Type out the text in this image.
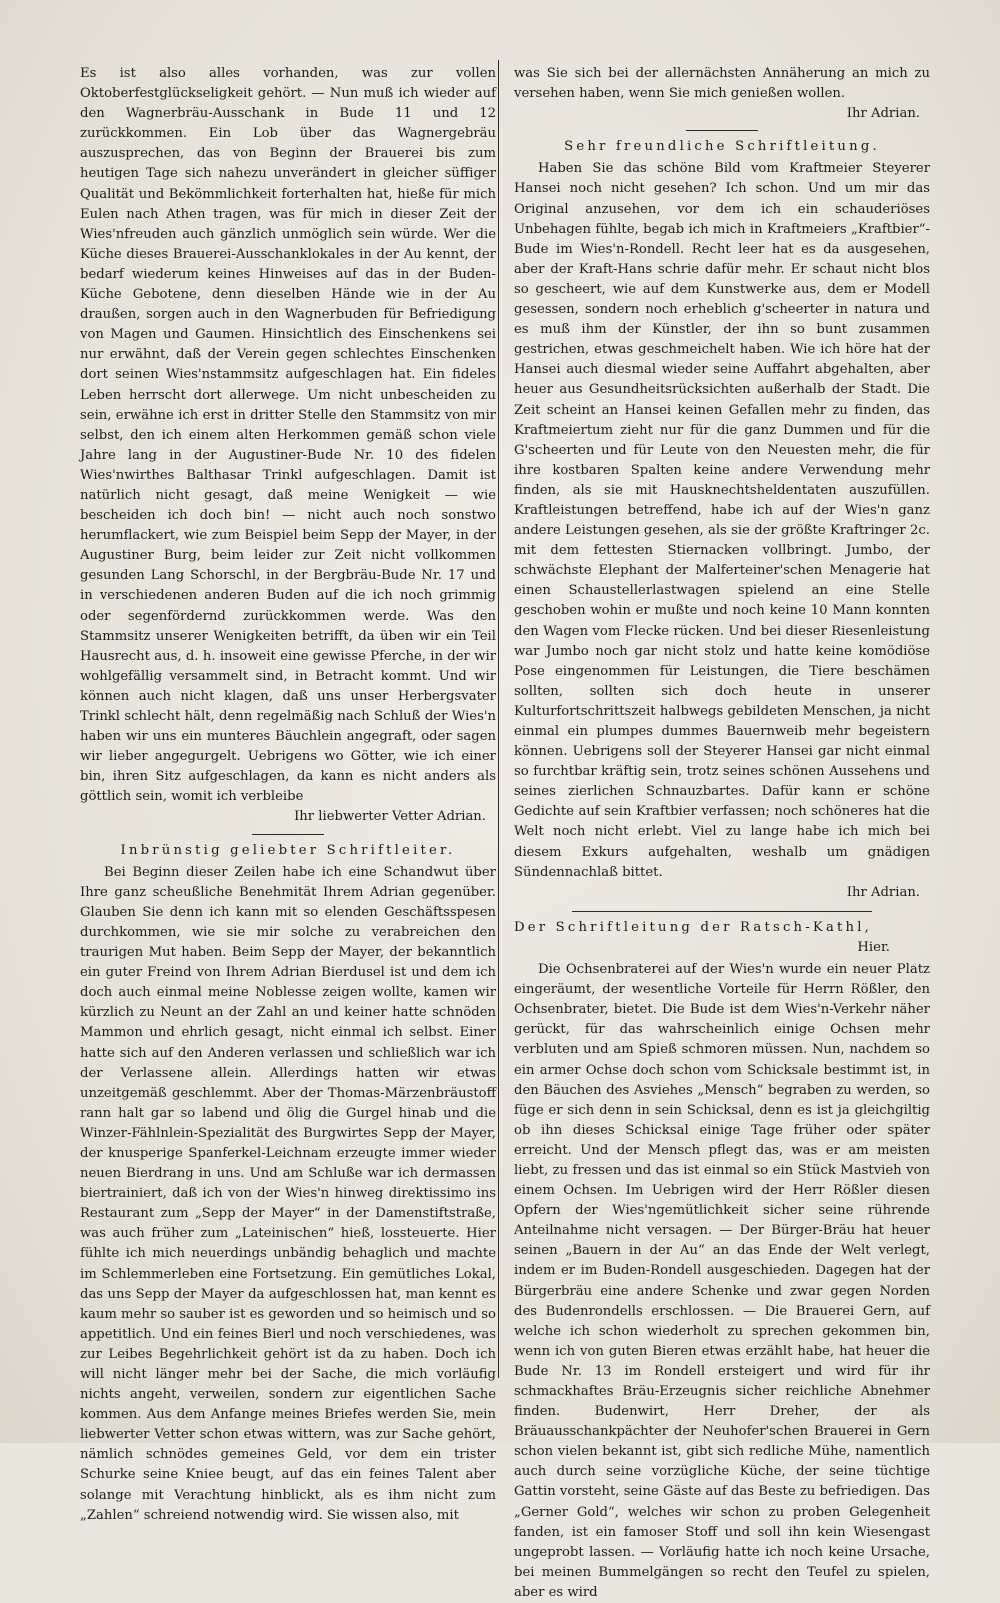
Es ist also alles vorhanden, was zur vollen Oktoberfestglückseligkeit gehört. — Nun muß ich wieder auf den Wagnerbräu-Ausschank in Bude 11 und 12 zurückkommen. Ein Lob über das Wagnergebräu auszusprechen, das von Beginn der Brauerei bis zum heutigen Tage sich nahezu unverändert in gleicher süffiger Qualität und Bekömmlichkeit forterhalten hat, hieße für mich Eulen nach Athen tragen, was für mich in dieser Zeit der Wies'nfreuden auch gänzlich unmöglich sein würde. Wer die Küche dieses Brauerei-Ausschanklokales in der Au kennt, der bedarf wiederum keines Hinweises auf das in der Buden-Küche Gebotene, denn dieselben Hände wie in der Au draußen, sorgen auch in den Wagnerbuden für Befriedigung von Magen und Gaumen. Hinsichtlich des Einschenkens sei nur erwähnt, daß der Verein gegen schlechtes Einschenken dort seinen Wies'nstammsitz aufgeschlagen hat. Ein fideles Leben herrscht dort allerwege. Um nicht unbescheiden zu sein, erwähne ich erst in dritter Stelle den Stammsitz von mir selbst, den ich einem alten Herkommen gemäß schon viele Jahre lang in der Augustiner-Bude Nr. 10 des fidelen Wies'nwirthes Balthasar Trinkl aufgeschlagen. Damit ist natürlich nicht gesagt, daß meine Wenigkeit — wie bescheiden ich doch bin! — nicht auch noch sonstwo herumflackert, wie zum Beispiel beim Sepp der Mayer, in der Augustiner Burg, beim leider zur Zeit nicht vollkommen gesunden Lang Schorschl, in der Bergbräu-Bude Nr. 17 und in verschiedenen anderen Buden auf die ich noch grimmig oder segenfördernd zurückkommen werde. Was den Stammsitz unserer Wenigkeiten betrifft, da üben wir ein Teil Hausrecht aus, d. h. insoweit eine gewisse Pferche, in der wir wohlgefällig versammelt sind, in Betracht kommt. Und wir können auch nicht klagen, daß uns unser Herbergsvater Trinkl schlecht hält, denn regelmäßig nach Schluß der Wies'n haben wir uns ein munteres Bäuchlein angegraft, oder sagen wir lieber angegurgelt. Uebrigens wo Götter, wie ich einer bin, ihren Sitz aufgeschlagen, da kann es nicht anders als göttlich sein, womit ich verbleibe

Ihr liebwerter Vetter Adrian.

Inbrünstig geliebter Schriftleiter.

Bei Beginn dieser Zeilen habe ich eine Schandwut über Ihre ganz scheußliche Benehmität Ihrem Adrian gegenüber. Glauben Sie denn ich kann mit so elenden Geschäftsspesen durchkommen, wie sie mir solche zu verabreichen den traurigen Mut haben. Beim Sepp der Mayer, der bekanntlich ein guter Freind von Ihrem Adrian Bierdusel ist und dem ich doch auch einmal meine Noblesse zeigen wollte, kamen wir kürzlich zu Neunt an der Zahl an und keiner hatte schnöden Mammon und ehrlich gesagt, nicht einmal ich selbst. Einer hatte sich auf den Anderen verlassen und schließlich war ich der Verlassene allein. Allerdings hatten wir etwas unzeitgemäß geschlemmt. Aber der Thomas-Märzenbräustoff rann halt gar so labend und ölig die Gurgel hinab und die Winzer-Fählnlein-Spezialität des Burgwirtes Sepp der Mayer, der knusperige Spanferkel-Leichnam erzeugte immer wieder neuen Bierdrang in uns. Und am Schluße war ich dermassen biertrainiert, daß ich von der Wies'n hinweg direktissimo ins Restaurant zum „Sepp der Mayer“ in der Damenstiftstraße, was auch früher zum „Lateinischen“ hieß, lossteuerte. Hier fühlte ich mich neuerdings unbändig behaglich und machte im Schlemmerleben eine Fortsetzung. Ein gemütliches Lokal, das uns Sepp der Mayer da aufgeschlossen hat, man kennt es kaum mehr so sauber ist es geworden und so heimisch und so appetitlich. Und ein feines Bierl und noch verschiedenes, was zur Leibes Begehrlichkeit gehört ist da zu haben. Doch ich will nicht länger mehr bei der Sache, die mich vorläufig nichts angeht, verweilen, sondern zur eigentlichen Sache kommen. Aus dem Anfange meines Briefes werden Sie, mein liebwerter Vetter schon etwas wittern, was zur Sache gehört, nämlich schnödes gemeines Geld, vor dem ein trister Schurke seine Kniee beugt, auf das ein feines Talent aber solange mit Verachtung hinblickt, als es ihm nicht zum „Zahlen“ schreiend notwendig wird. Sie wissen also, mit

was Sie sich bei der allernächsten Annäherung an mich zu versehen haben, wenn Sie mich genießen wollen.

Ihr Adrian.

Sehr freundliche Schriftleitung.

Haben Sie das schöne Bild vom Kraftmeier Steyerer Hansei noch nicht gesehen? Ich schon. Und um mir das Original anzusehen, vor dem ich ein schauderiöses Unbehagen fühlte, begab ich mich in Kraftmeiers „Kraftbier“-Bude im Wies'n-Rondell. Recht leer hat es da ausgesehen, aber der Kraft-Hans schrie dafür mehr. Er schaut nicht blos so gescheert, wie auf dem Kunstwerke aus, dem er Modell gesessen, sondern noch erheblich g'scheerter in natura und es muß ihm der Künstler, der ihn so bunt zusammen gestrichen, etwas geschmeichelt haben. Wie ich höre hat der Hansei auch diesmal wieder seine Auffahrt abgehalten, aber heuer aus Gesundheitsrücksichten außerhalb der Stadt. Die Zeit scheint an Hansei keinen Gefallen mehr zu finden, das Kraftmeiertum zieht nur für die ganz Dummen und für die G'scheerten und für Leute von den Neuesten mehr, die für ihre kostbaren Spalten keine andere Verwendung mehr finden, als sie mit Hausknechtsheldentaten auszufüllen. Kraftleistungen betreffend, habe ich auf der Wies'n ganz andere Leistungen gesehen, als sie der größte Kraftringer 2c. mit dem fettesten Stiernacken vollbringt. Jumbo, der schwächste Elephant der Malferteiner'schen Menagerie hat einen Schaustellerlastwagen spielend an eine Stelle geschoben wohin er mußte und noch keine 10 Mann konnten den Wagen vom Flecke rücken. Und bei dieser Riesenleistung war Jumbo noch gar nicht stolz und hatte keine komödiöse Pose eingenommen für Leistungen, die Tiere beschämen sollten, sollten sich doch heute in unserer Kulturfortschrittszeit halbwegs gebildeten Menschen, ja nicht einmal ein plumpes dummes Bauernweib mehr begeistern können. Uebrigens soll der Steyerer Hansei gar nicht einmal so furchtbar kräftig sein, trotz seines schönen Aussehens und seines zierlichen Schnauzbartes. Dafür kann er schöne Gedichte auf sein Kraftbier verfassen; noch schöneres hat die Welt noch nicht erlebt. Viel zu lange habe ich mich bei diesem Exkurs aufgehalten, weshalb um gnädigen Sündennachlaß bittet.

Ihr Adrian.

Der Schriftleitung der Ratsch-Kathl,

Hier.

Die Ochsenbraterei auf der Wies'n wurde ein neuer Platz eingeräumt, der wesentliche Vorteile für Herrn Rößler, den Ochsenbrater, bietet. Die Bude ist dem Wies'n-Verkehr näher gerückt, für das wahrscheinlich einige Ochsen mehr verbluten und am Spieß schmoren müssen. Nun, nachdem so ein armer Ochse doch schon vom Schicksale bestimmt ist, in den Bäuchen des Asviehes „Mensch“ begraben zu werden, so füge er sich denn in sein Schicksal, denn es ist ja gleichgiltig ob ihn dieses Schicksal einige Tage früher oder später erreicht. Und der Mensch pflegt das, was er am meisten liebt, zu fressen und das ist einmal so ein Stück Mastvieh von einem Ochsen. Im Uebrigen wird der Herr Rößler diesen Opfern der Wies'ngemütlichkeit sicher seine rührende Anteilnahme nicht versagen. — Der Bürger-Bräu hat heuer seinen „Bauern in der Au“ an das Ende der Welt verlegt, indem er im Buden-Rondell ausgeschieden. Dagegen hat der Bürgerbräu eine andere Schenke und zwar gegen Norden des Budenrondells erschlossen. — Die Brauerei Gern, auf welche ich schon wiederholt zu sprechen gekommen bin, wenn ich von guten Bieren etwas erzählt habe, hat heuer die Bude Nr. 13 im Rondell ersteigert und wird für ihr schmackhaftes Bräu-Erzeugnis sicher reichliche Abnehmer finden. Budenwirt, Herr Dreher, der als Bräuausschankpächter der Neuhofer'schen Brauerei in Gern schon vielen bekannt ist, gibt sich redliche Mühe, namentlich auch durch seine vorzügliche Küche, der seine tüchtige Gattin vorsteht, seine Gäste auf das Beste zu befriedigen. Das „Gerner Gold“, welches wir schon zu proben Gelegenheit fanden, ist ein famoser Stoff und soll ihn kein Wiesengast ungeprobt lassen. — Vorläufig hatte ich noch keine Ursache, bei meinen Bummelgängen so recht den Teufel zu spielen, aber es wird
